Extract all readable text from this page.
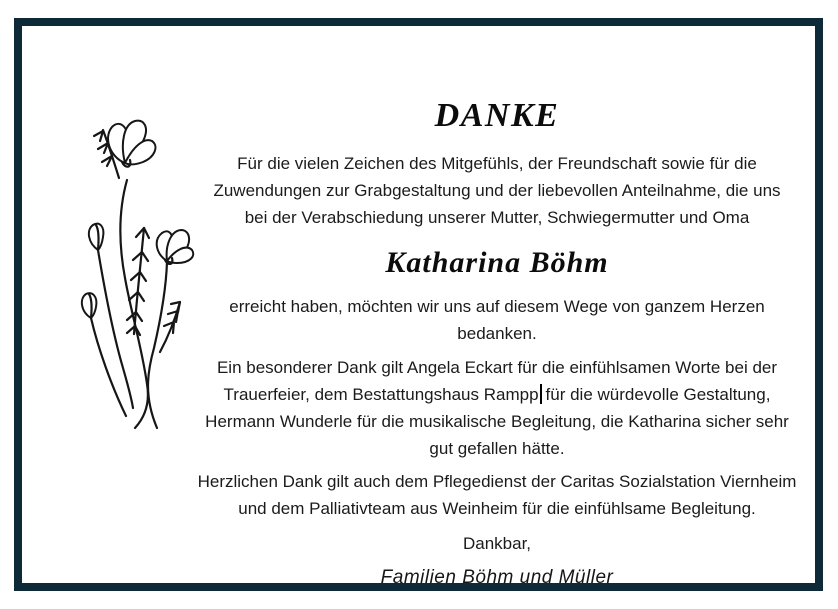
DANKE
Für die vielen Zeichen des Mitgefühls, der Freundschaft sowie für die
Zuwendungen zur Grabgestaltung und der liebevollen Anteilnahme, die uns
bei der Verabschiedung unserer Mutter, Schwiegermutter und Oma
Katharina Böhm
erreicht haben, möchten wir uns auf diesem Wege von ganzem Herzen
bedanken.
Ein besonderer Dank gilt Angela Eckart für die einfühlsamen Worte bei der
Trauerfeier, dem Bestattungshaus Rampp für die würdevolle Gestaltung,
Hermann Wunderle für die musikalische Begleitung, die Katharina sicher sehr
gut gefallen hätte.
Herzlichen Dank gilt auch dem Pflegedienst der Caritas Sozialstation Viernheim
und dem Palliativteam aus Weinheim für die einfühlsame Begleitung.
Dankbar,
Familien Böhm und Müller
